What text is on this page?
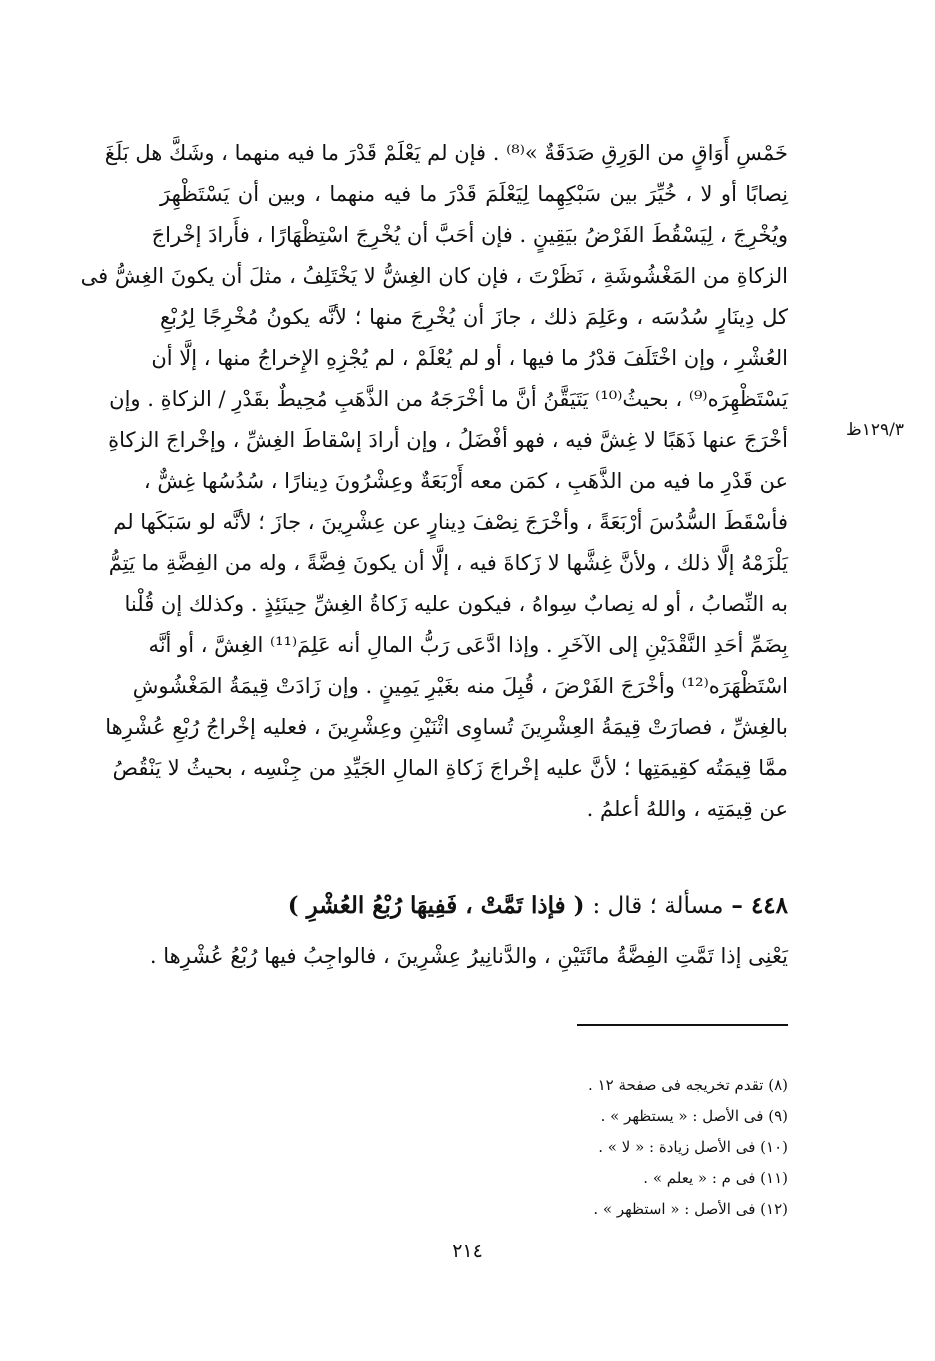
خَمْسِ أَوَاقٍ من الوَرِقِ صَدَقَةٌ »⁽⁸⁾ . فإن لم يَعْلَمْ قَدْرَ ما فيه منهما ، وشَكَّ هل بَلَغَ
نِصابًا أو لا ، خُيِّرَ بين سَبْكِهِما لِيَعْلَمَ قَدْرَ ما فيه منهما ، وبين أن يَسْتَظْهِرَ
ويُخْرِجَ ، لِيَسْقُطَ الفَرْضُ بيَقِينٍ . فإن أحَبَّ أن يُخْرِجَ اسْتِظْهَارًا ، فأَرادَ إخْراجَ
الزكاةِ من المَغْشُوشَةِ ، نَظَرْتَ ، فإن كان الغِشُّ لا يَخْتَلِفُ ، مثلَ أن يكونَ الغِشُّ فى
كل دِينَارٍ سُدُسَه ، وعَلِمَ ذلك ، جازَ أن يُخْرِجَ منها ؛ لأنَّه يكونُ مُخْرِجًا لِرُبْعِ
العُشْرِ ، وإن اخْتَلَفَ قدْرُ ما فيها ، أو لم يُعْلَمْ ، لم يُجْزِهِ الإِخراجُ منها ، إلَّا أن
يَسْتَظْهِرَه⁽⁹⁾ ، بحيثُ⁽¹⁰⁾ يَتَيَقَّنُ أنَّ ما أخْرَجَهُ من الذَّهَبِ مُحِيطٌ بقَدْرِ / الزكاةِ . وإن
أخْرَجَ عنها ذَهَبًا لا غِشَّ فيه ، فهو أفْضَلُ ، وإن أرادَ إسْقاطَ الغِشِّ ، وإخْراجَ الزكاةِ
عن قَدْرِ ما فيه من الذَّهَبِ ، كمَن معه أَرْبَعَةٌ وعِشْرُونَ دِينارًا ، سُدُسُها غِشٌّ ،
فأسْقَطَ السُّدُسَ أرْبَعَةً ، وأخْرَجَ نِصْفَ دِينارٍ عن عِشْرِينَ ، جازَ ؛ لأنَّه لو سَبَكَها لم
يَلْزَمْهُ إلَّا ذلك ، ولأنَّ غِشَّها لا زَكاةَ فيه ، إلَّا أن يكونَ فِضَّةً ، وله من الفِضَّةِ ما يَتِمُّ
به النِّصابُ ، أو له نِصابٌ سِواهُ ، فيكون عليه زَكاةُ الغِشِّ حِينَئِذٍ . وكذلك إن قُلْنا
بِضَمِّ أحَدِ النَّقْدَيْنِ إلى الآخَرِ . وإذا ادَّعَى رَبُّ المالِ أنه عَلِمَ⁽¹¹⁾ الغِشَّ ، أو أنَّه
اسْتَظْهَرَه⁽¹²⁾ وأخْرَجَ الفَرْضَ ، قُبِلَ منه بغَيْرِ يَمِينٍ . وإن زَادَتْ قِيمَةُ المَغْشُوشِ
بالغِشِّ ، فصارَتْ قِيمَةُ العِشْرِينَ تُساوِى اثْنَيْنِ وعِشْرِينَ ، فعليه إخْراجُ رُبْعِ عُشْرِها
ممَّا قِيمَتُه كقِيمَتِها ؛ لأنَّ عليه إخْراجَ زَكاةِ المالِ الجَيِّدِ من جِنْسِه ، بحيثُ لا يَنْقُصُ
عن قِيمَتِه ، واللهُ أعلمُ .
١٢٩/٣ظ
٤٤٨ – مسألة ؛ قال : ( فإذا تَمَّتْ ، فَفِيهَا رُبْعُ العُشْرِ )
يَعْنِى إذا تَمَّتِ الفِضَّةُ مائَتَيْنِ ، والدَّنانِيرُ عِشْرِينَ ، فالواجِبُ فيها رُبْعُ عُشْرِها .
(٨) تقدم تخريجه فى صفحة ١٢ .
(٩) فى الأصل : « يستظهر » .
(١٠) فى الأصل زيادة : « لا » .
(١١) فى م : « يعلم » .
(١٢) فى الأصل : « استظهر » .
٢١٤
